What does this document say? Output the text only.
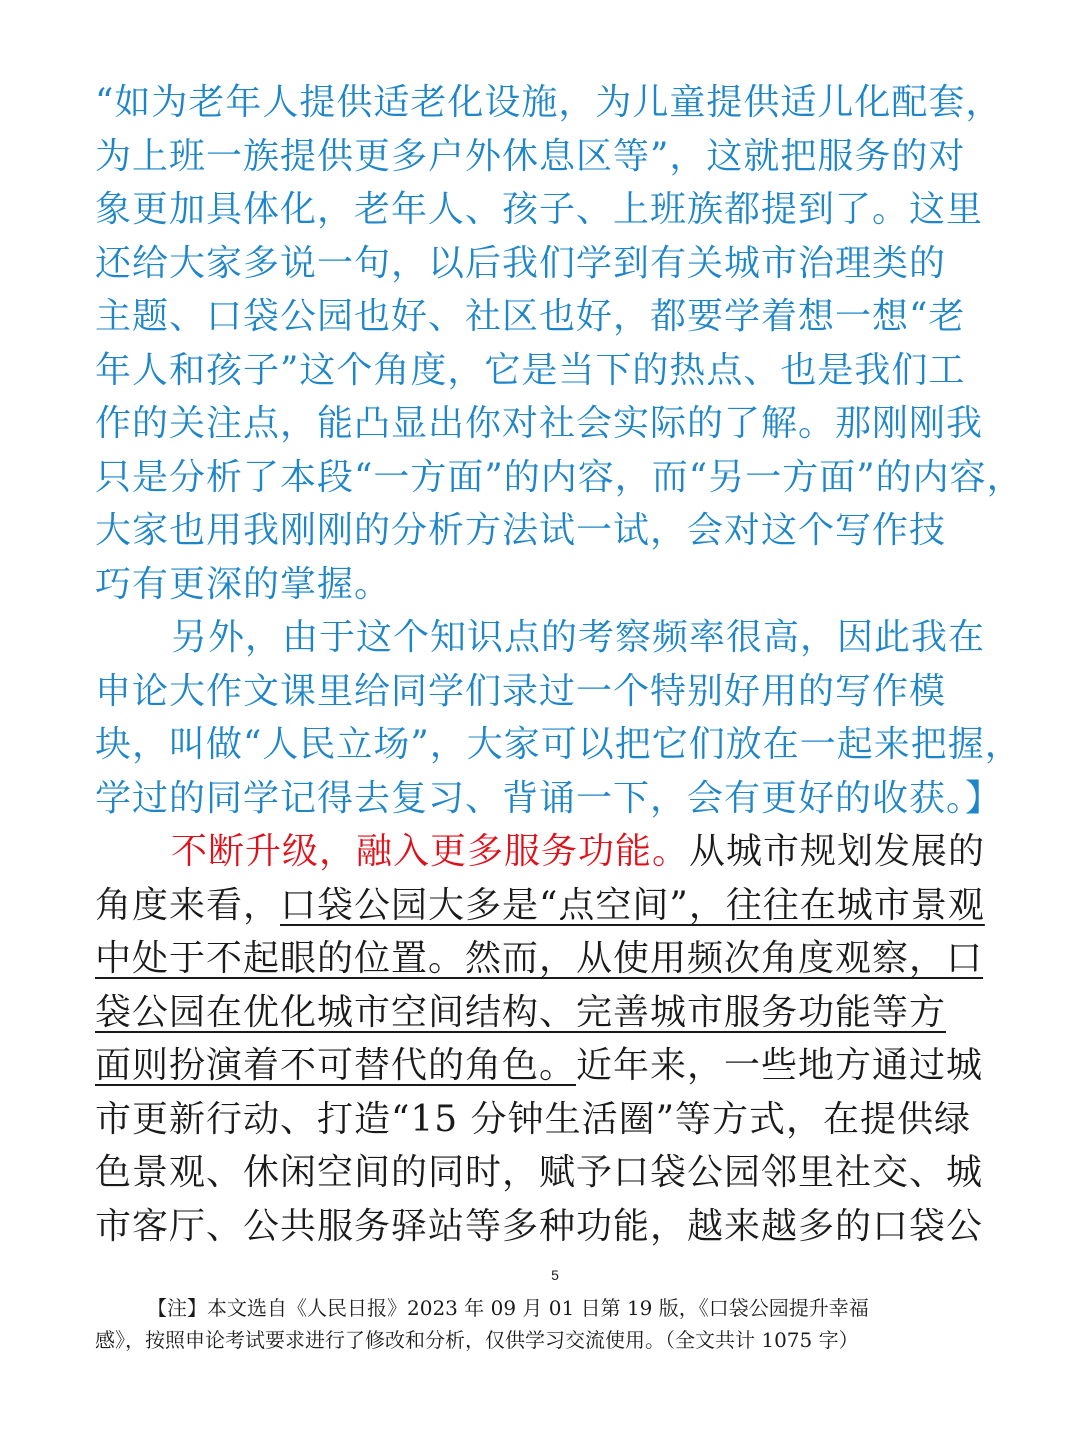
“如为老年人提供适老化设施，为儿童提供适儿化配套，
为上班一族提供更多户外休息区等”，这就把服务的对
象更加具体化，老年人、孩子、上班族都提到了。这里
还给大家多说一句，以后我们学到有关城市治理类的
主题、口袋公园也好、社区也好，都要学着想一想“老
年人和孩子”这个角度，它是当下的热点、也是我们工
作的关注点，能凸显出你对社会实际的了解。那刚刚我
只是分析了本段“一方面”的内容，而“另一方面”的内容，
大家也用我刚刚的分析方法试一试，会对这个写作技
巧有更深的掌握。
另外，由于这个知识点的考察频率很高，因此我在
申论大作文课里给同学们录过一个特别好用的写作模
块，叫做“人民立场”，大家可以把它们放在一起来把握，
学过的同学记得去复习、背诵一下，会有更好的收获。】
不断升级，融入更多服务功能。从城市规划发展的
角度来看，口袋公园大多是“点空间”，往往在城市景观
中处于不起眼的位置。然而，从使用频次角度观察，口
袋公园在优化城市空间结构、完善城市服务功能等方
面则扮演着不可替代的角色。近年来，一些地方通过城
市更新行动、打造“15 分钟生活圈”等方式，在提供绿
色景观、休闲空间的同时，赋予口袋公园邻里社交、城
市客厅、公共服务驿站等多种功能，越来越多的口袋公
5
【注】本文选自《人民日报》2023 年 09 月 01 日第 19 版，《口袋公园提升幸福
感》，按照申论考试要求进行了修改和分析，仅供学习交流使用。（全文共计 1075 字）
